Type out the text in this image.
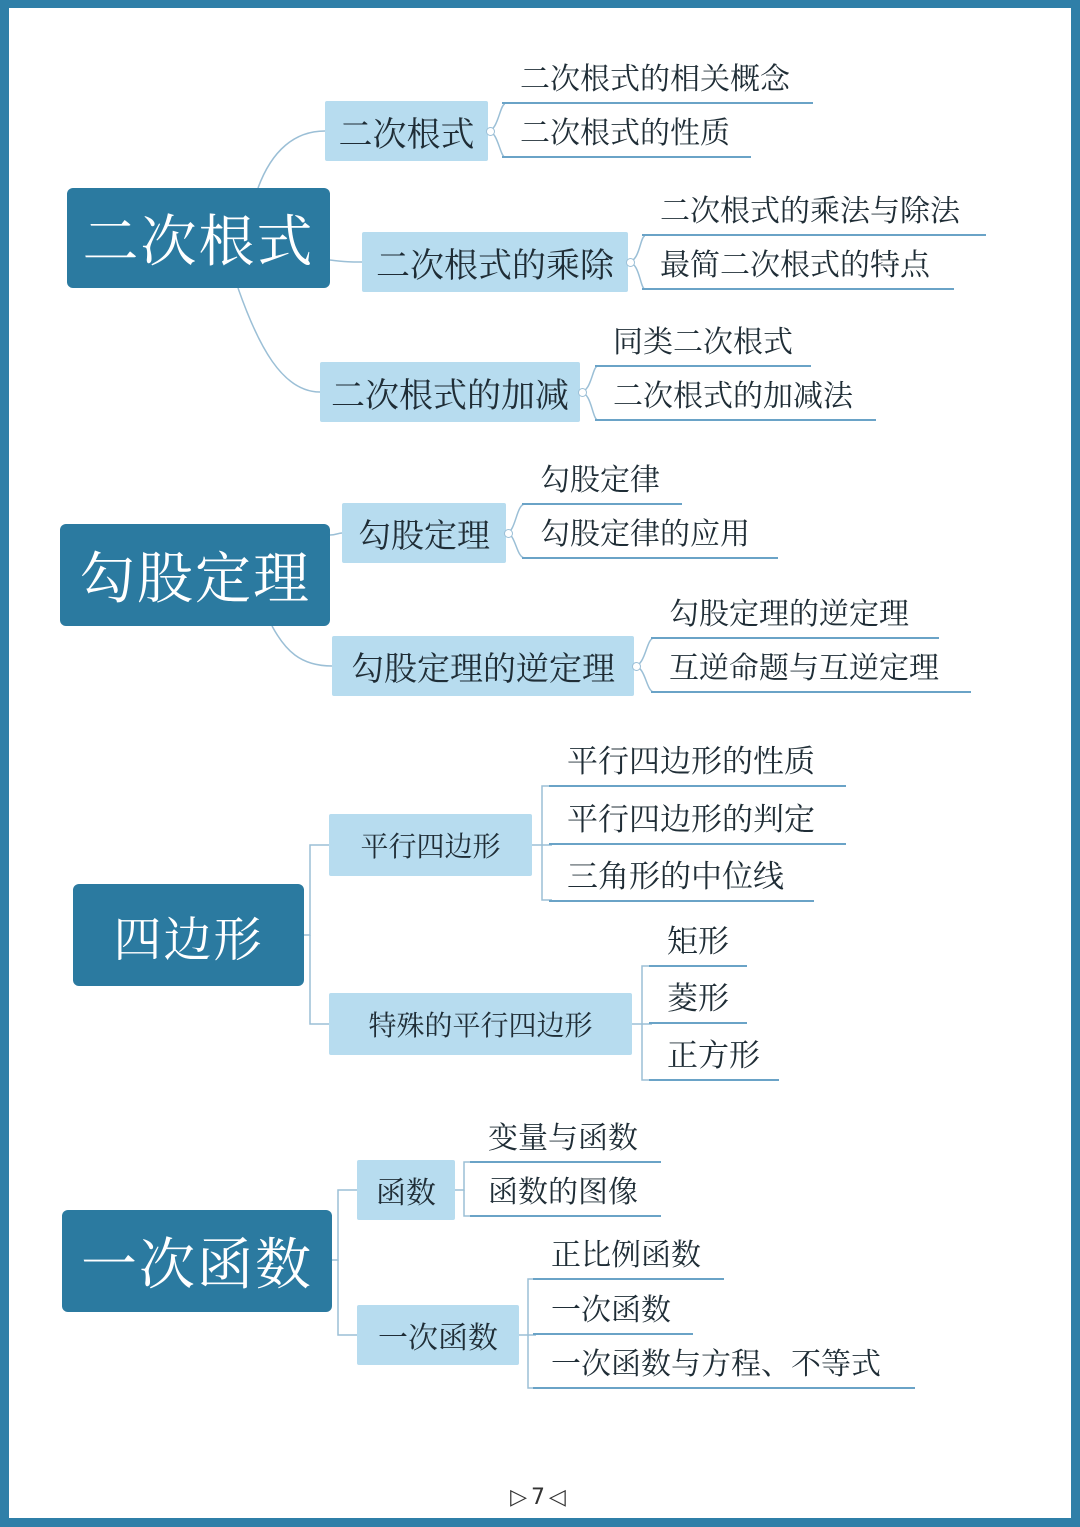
二次根式
二次根式
二次根式的相关概念
二次根式的性质
二次根式的乘除
二次根式的乘法与除法
最简二次根式的特点
二次根式的加减
同类二次根式
二次根式的加减法
勾股定理
勾股定理
勾股定律
勾股定律的应用
勾股定理的逆定理
勾股定理的逆定理
互逆命题与互逆定理
四边形
平行四边形
平行四边形的性质
平行四边形的判定
三角形的中位线
特殊的平行四边形
矩形
菱形
正方形
一次函数
函数
变量与函数
函数的图像
一次函数
正比例函数
一次函数
一次函数与方程、不等式
▷7◁
